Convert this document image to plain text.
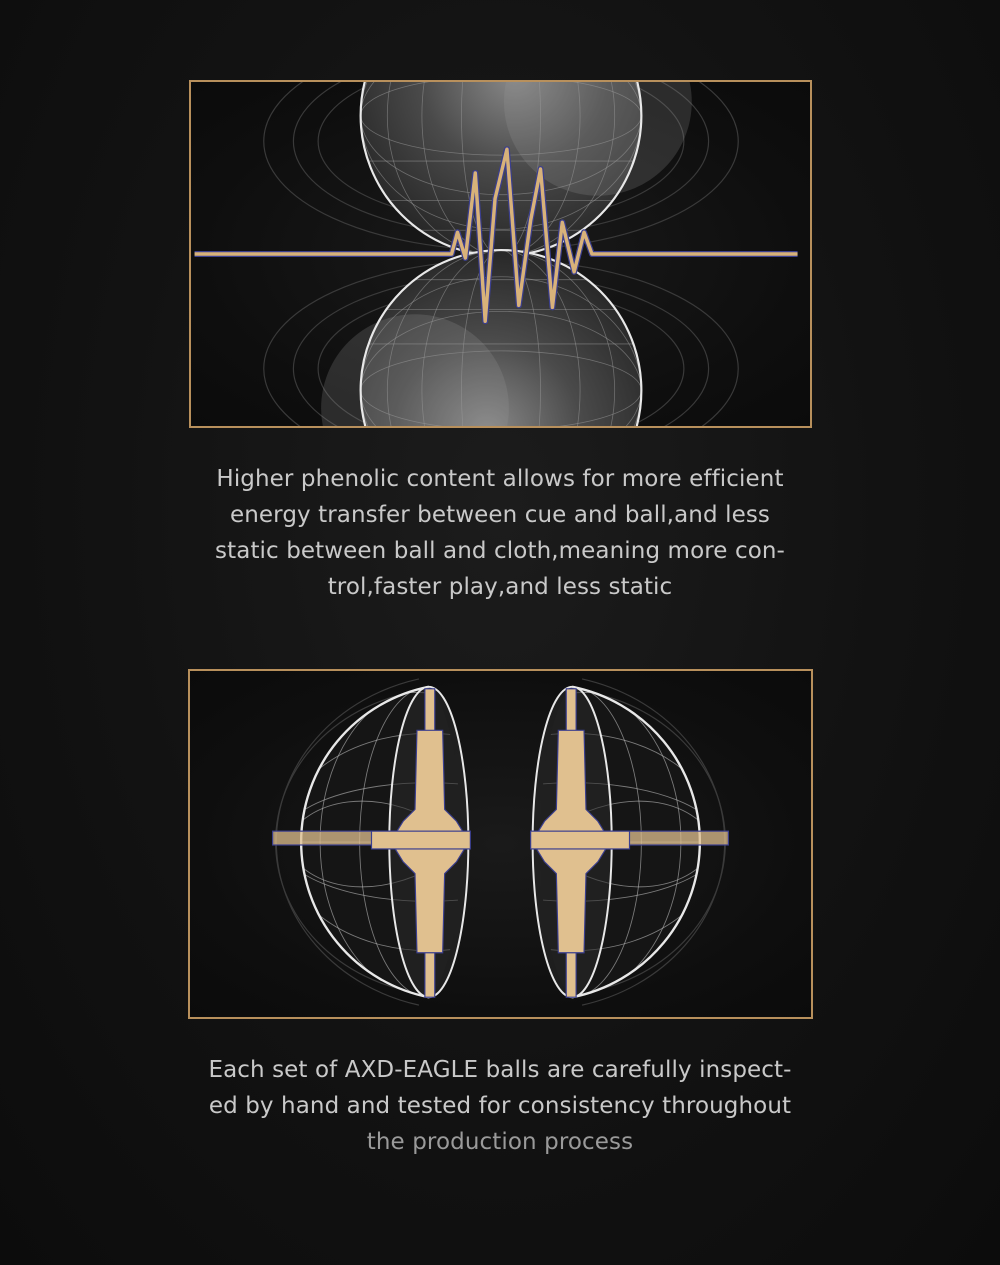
Higher phenolic content allows for more efficient
energy transfer between cue and ball,and less
static between ball and cloth,meaning more con-
trol,faster play,and less static
Each set of AXD-EAGLE balls are carefully inspect-
ed by hand and tested for consistency throughout
the production process
